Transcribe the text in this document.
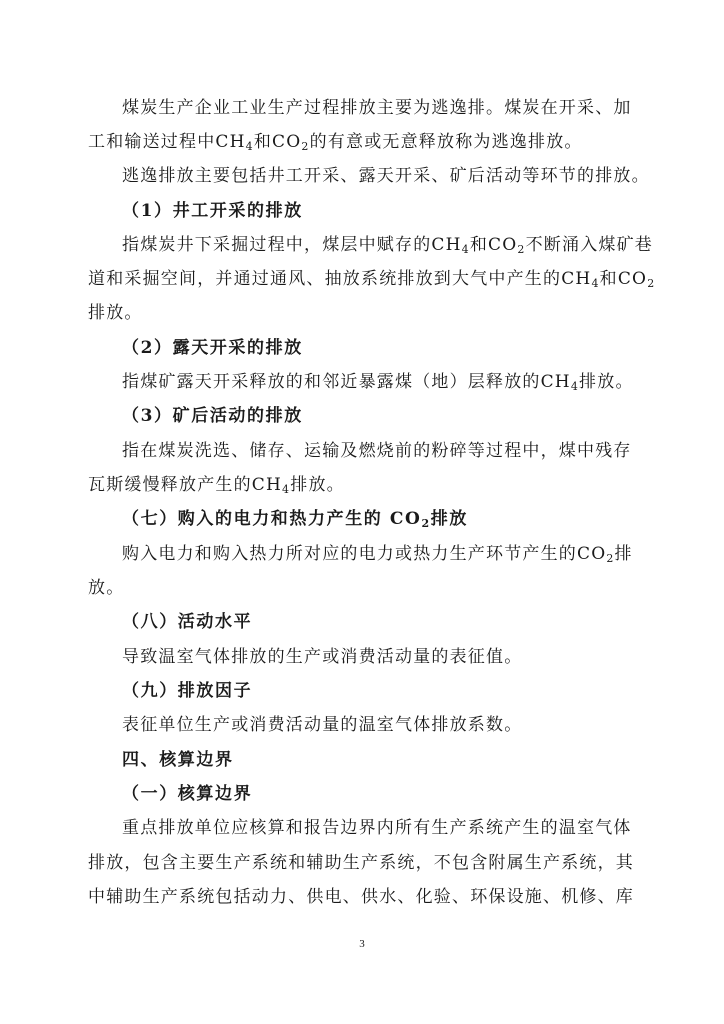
煤炭生产企业工业生产过程排放主要为逃逸排。煤炭在开采、加
工和输送过程中$CH_4$和$CO_2$的有意或无意释放称为逃逸排放。
逃逸排放主要包括井工开采、露天开采、矿后活动等环节的排放。
（1）井工开采的排放
指煤炭井下采掘过程中，煤层中赋存的$CH_4$和$CO_2$不断涌入煤矿巷
道和采掘空间，并通过通风、抽放系统排放到大气中产生的$CH_4$和$CO_2$
排放。
（2）露天开采的排放
指煤矿露天开采释放的和邻近暴露煤（地）层释放的$CH_4$排放。
（3）矿后活动的排放
指在煤炭洗选、储存、运输及燃烧前的粉碎等过程中，煤中残存
瓦斯缓慢释放产生的$CH_4$排放。
（七）购入的电力和热力产生的 $CO_2$排放
购入电力和购入热力所对应的电力或热力生产环节产生的$CO_2$排
放。
（八）活动水平
导致温室气体排放的生产或消费活动量的表征值。
（九）排放因子
表征单位生产或消费活动量的温室气体排放系数。
四、核算边界
（一）核算边界
重点排放单位应核算和报告边界内所有生产系统产生的温室气体
排放，包含主要生产系统和辅助生产系统，不包含附属生产系统，其
中辅助生产系统包括动力、供电、供水、化验、环保设施、机修、库
3
